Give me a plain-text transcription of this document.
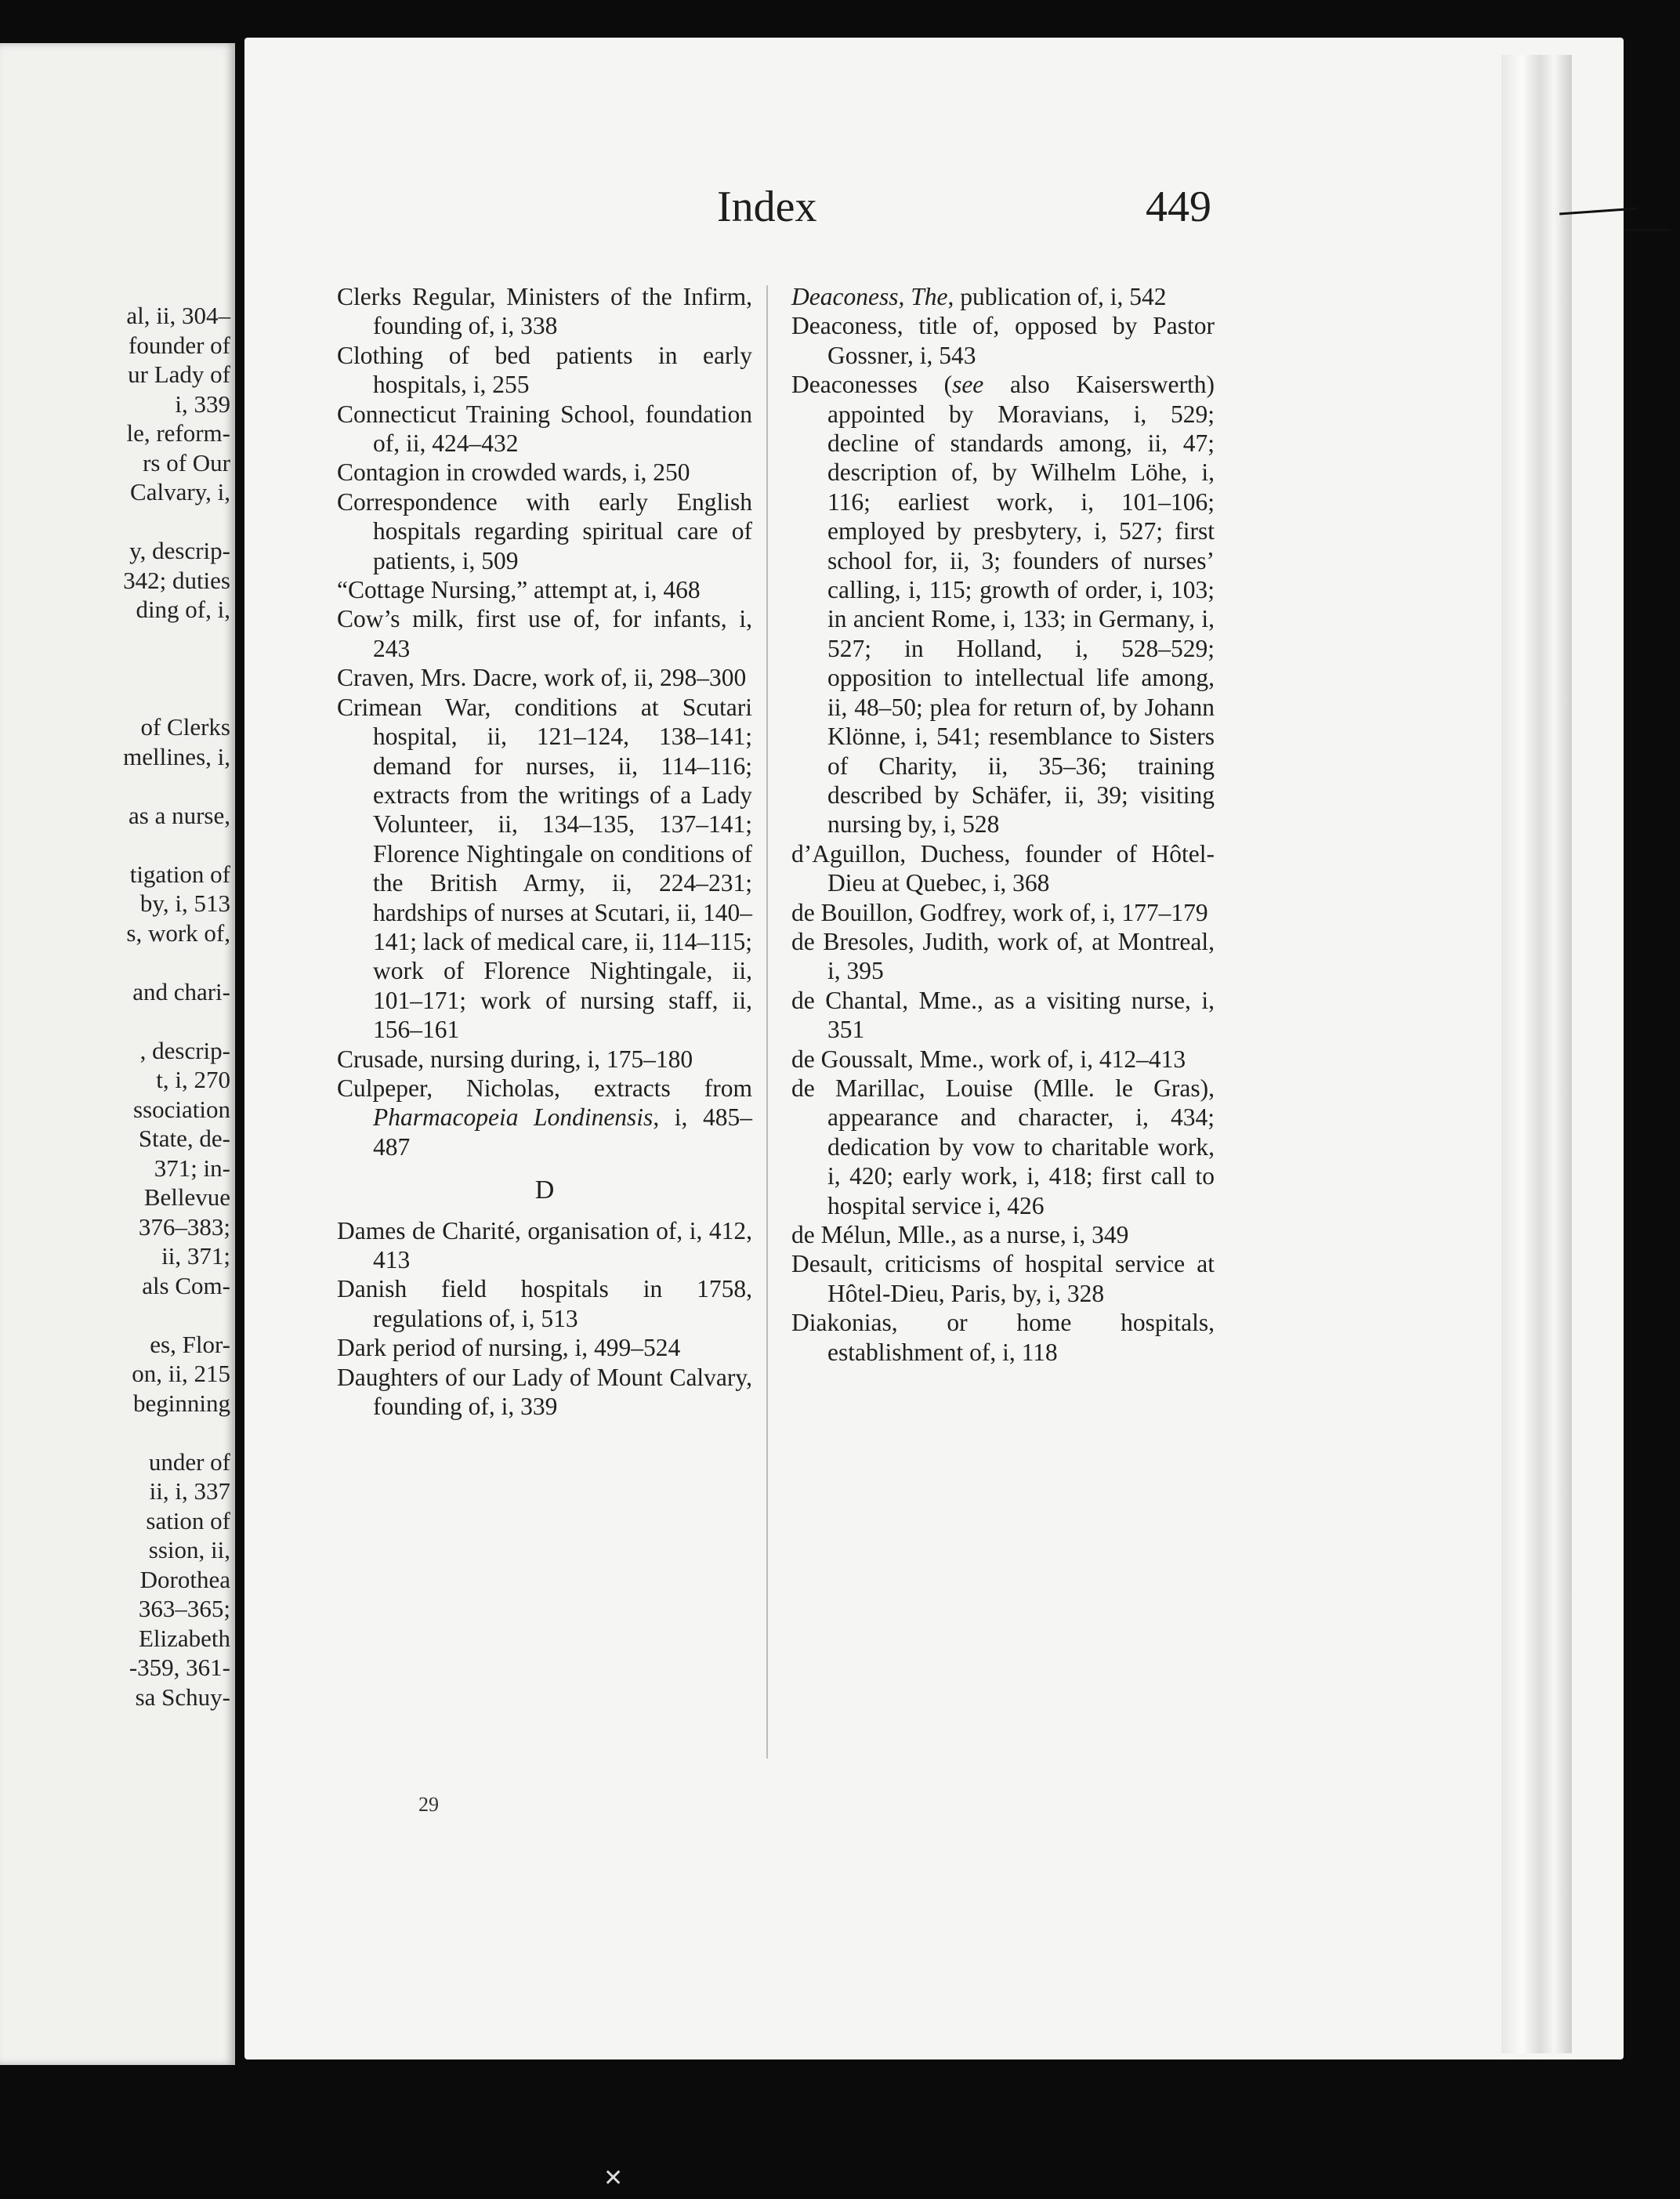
al, ii, 304–
founder of
ur Lady of
i, 339
le, reform-
rs of Our
Calvary, i,
y, descrip-
342; duties
ding of, i,
of Clerks
mellines, i,
as a nurse,
tigation of
by, i, 513
s, work of,
and chari-
, descrip-
t, i, 270
ssociation
State, de-
371; in-
Bellevue
376–383;
ii, 371;
als Com-
es, Flor-
on, ii, 215
beginning
under of
ii, i, 337
sation of
ssion, ii,
Dorothea
363–365;
Elizabeth
-359, 361-
sa Schuy-
Index	449

Clerks Regular, Ministers of the Infirm, founding of, i, 338

Clothing of bed patients in early hospitals, i, 255

Connecticut Training School, foundation of, ii, 424–432

Contagion in crowded wards, i, 250

Correspondence with early English hospitals regarding spiritual care of patients, i, 509

“Cottage Nursing,” attempt at, i, 468

Cow’s milk, first use of, for infants, i, 243

Craven, Mrs. Dacre, work of, ii, 298–300

Crimean War, conditions at Scutari hospital, ii, 121–124, 138–141; demand for nurses, ii, 114–116; extracts from the writings of a Lady Volunteer, ii, 134–135, 137–141; Florence Nightingale on conditions of the British Army, ii, 224–231; hardships of nurses at Scutari, ii, 140–141; lack of medical care, ii, 114–115; work of Florence Nightingale, ii, 101–171; work of nursing staff, ii, 156–161

Crusade, nursing during, i, 175–180

Culpeper, Nicholas, extracts from Pharmacopeia Londinensis, i, 485–487

D

Dames de Charité, organisation of, i, 412, 413

Danish field hospitals in 1758, regulations of, i, 513

Dark period of nursing, i, 499–524

Daughters of our Lady of Mount Calvary, founding of, i, 339

29

Deaconess, The, publication of, i, 542

Deaconess, title of, opposed by Pastor Gossner, i, 543

Deaconesses (see also Kaiserswerth) appointed by Moravians, i, 529; decline of standards among, ii, 47; description of, by Wilhelm Löhe, i, 116; earliest work, i, 101–106; employed by presbytery, i, 527; first school for, ii, 3; founders of nurses’ calling, i, 115; growth of order, i, 103; in ancient Rome, i, 133; in Germany, i, 527; in Holland, i, 528–529; opposition to intellectual life among, ii, 48–50; plea for return of, by Johann Klönne, i, 541; resemblance to Sisters of Charity, ii, 35–36; training described by Schäfer, ii, 39; visiting nursing by, i, 528

d’Aguillon, Duchess, founder of Hôtel-Dieu at Quebec, i, 368

de Bouillon, Godfrey, work of, i, 177–179

de Bresoles, Judith, work of, at Montreal, i, 395

de Chantal, Mme., as a visiting nurse, i, 351

de Goussalt, Mme., work of, i, 412–413

de Marillac, Louise (Mlle. le Gras), appearance and character, i, 434; dedication by vow to charitable work, i, 420; early work, i, 418; first call to hospital service i, 426

de Mélun, Mlle., as a nurse, i, 349

Desault, criticisms of hospital service at Hôtel-Dieu, Paris, by, i, 328

Diakonias, or home hospitals, establishment of, i, 118

✕
